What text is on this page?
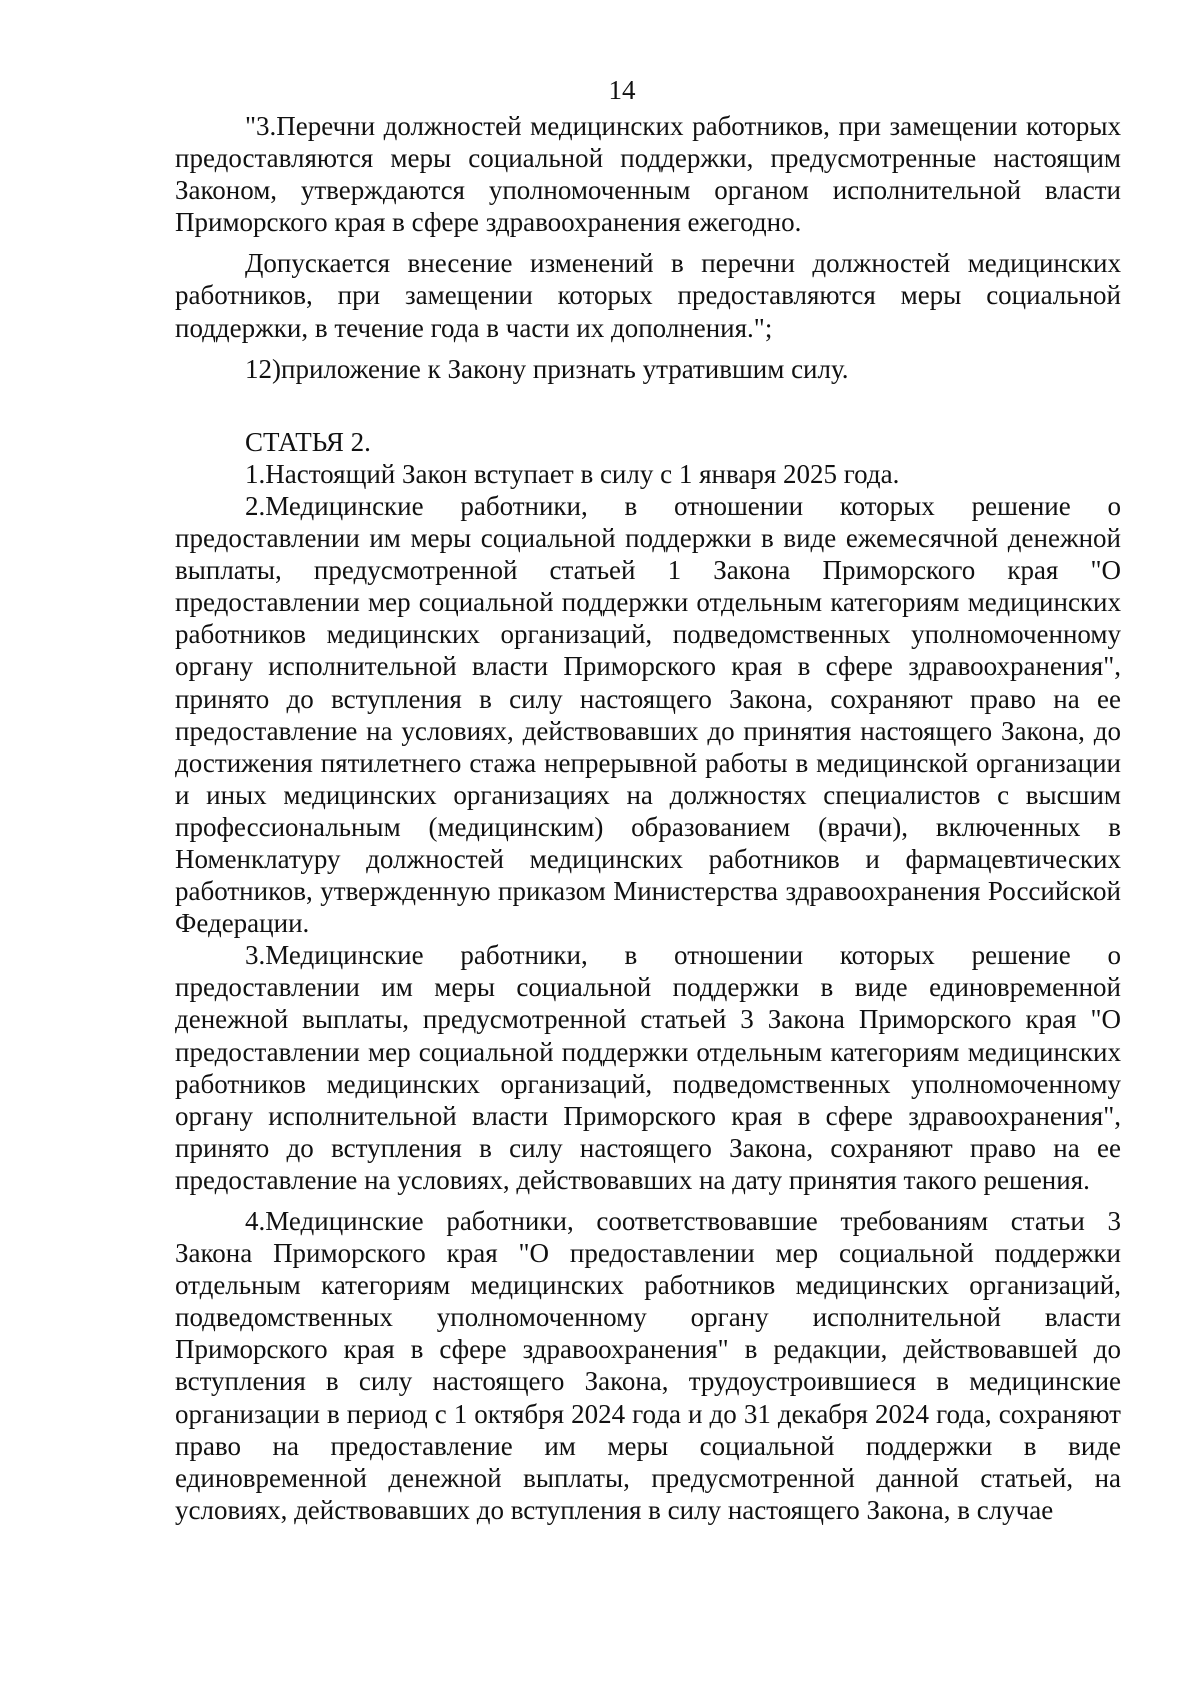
14

"3.Перечни должностей медицинских работников, при замещении которых предоставляются меры социальной поддержки, предусмотренные настоящим Законом, утверждаются уполномоченным органом исполнительной власти Приморского края в сфере здравоохранения ежегодно.

Допускается внесение изменений в перечни должностей медицинских работников, при замещении которых предоставляются меры социальной поддержки, в течение года в части их дополнения.";

12)приложение к Закону признать утратившим силу.

СТАТЬЯ 2.

1.Настоящий Закон вступает в силу с 1 января 2025 года.

2.Медицинские работники, в отношении которых решение о предоставлении им меры социальной поддержки в виде ежемесячной денежной выплаты, предусмотренной статьей 1 Закона Приморского края "О предоставлении мер социальной поддержки отдельным категориям медицинских работников медицинских организаций, подведомственных уполномоченному органу исполнительной власти Приморского края в сфере здравоохранения", принято до вступления в силу настоящего Закона, сохраняют право на ее предоставление на условиях, действовавших до принятия настоящего Закона, до достижения пятилетнего стажа непрерывной работы в медицинской организации и иных медицинских организациях на должностях специалистов с высшим профессиональным (медицинским) образованием (врачи), включенных в Номенклатуру должностей медицинских работников и фармацевтических работников, утвержденную приказом Министерства здравоохранения Российской Федерации.

3.Медицинские работники, в отношении которых решение о предоставлении им меры социальной поддержки в виде единовременной денежной выплаты, предусмотренной статьей 3 Закона Приморского края "О предоставлении мер социальной поддержки отдельным категориям медицинских работников медицинских организаций, подведомственных уполномоченному органу исполнительной власти Приморского края в сфере здравоохранения", принято до вступления в силу настоящего Закона, сохраняют право на ее предоставление на условиях, действовавших на дату принятия такого решения.

4.Медицинские работники, соответствовавшие требованиям статьи 3 Закона Приморского края "О предоставлении мер социальной поддержки отдельным категориям медицинских работников медицинских организаций, подведомственных уполномоченному органу исполнительной власти Приморского края в сфере здравоохранения" в редакции, действовавшей до вступления в силу настоящего Закона, трудоустроившиеся в медицинские организации в период с 1 октября 2024 года и до 31 декабря 2024 года, сохраняют право на предоставление им меры социальной поддержки в виде единовременной денежной выплаты, предусмотренной данной статьей, на условиях, действовавших до вступления в силу настоящего Закона, в случае
